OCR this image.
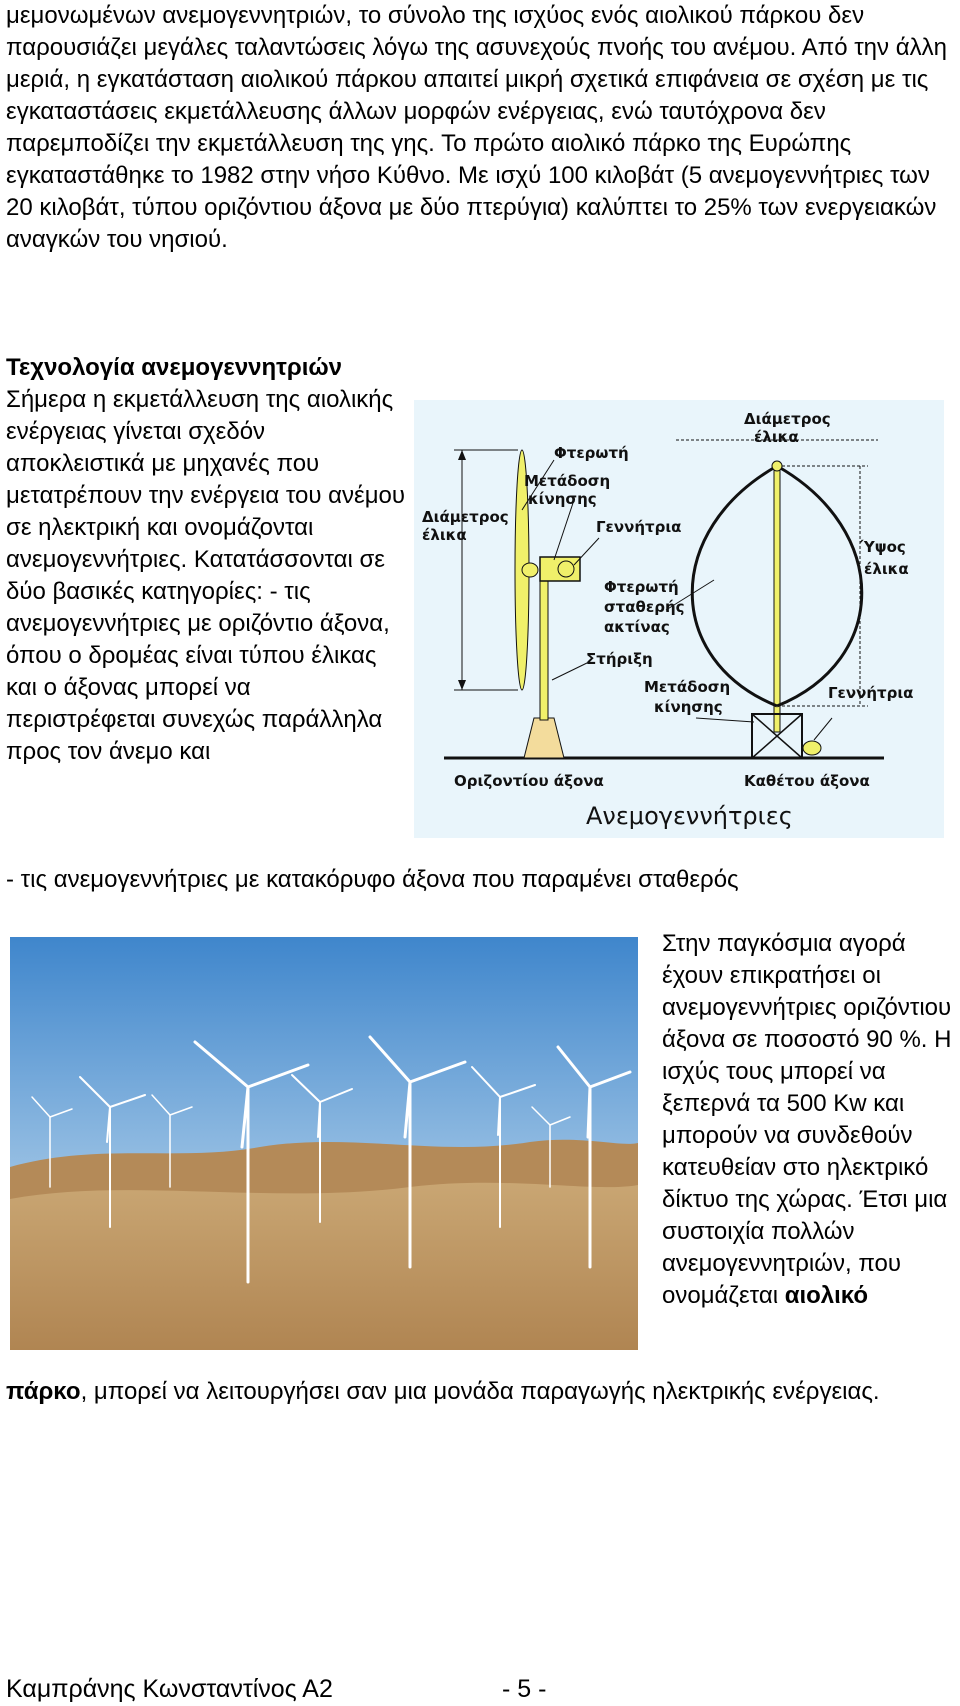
μεμονωμένων ανεμογεννητριών, το σύνολο της ισχύος ενός αιολικού πάρκου δεν παρουσιάζει μεγάλες ταλαντώσεις λόγω της ασυνεχούς πνοής του ανέμου. Από την άλλη μεριά, η εγκατάσταση αιολικού πάρκου απαιτεί μικρή σχετικά επιφάνεια σε σχέση με τις εγκαταστάσεις εκμετάλλευσης άλλων μορφών ενέργειας, ενώ ταυτόχρονα δεν παρεμποδίζει την εκμετάλλευση της γης. Το πρώτο αιολικό πάρκο της Ευρώπης εγκαταστάθηκε το 1982 στην νήσο Κύθνο. Με ισχύ 100 κιλοβάτ (5 ανεμογεννήτριες των 20 κιλοβάτ, τύπου οριζόντιου άξονα με δύο πτερύγια) καλύπτει το 25% των ενεργειακών αναγκών του νησιού.

Τεχνολογία ανεμογεννητριών

Σήμερα η εκμετάλλευση της αιολικής ενέργειας γίνεται σχεδόν αποκλειστικά με μηχανές που μετατρέπουν την ενέργεια του ανέμου σε ηλεκτρική και ονομάζονται ανεμογεννήτριες. Κατατάσσονται σε δύο βασικές κατηγορίες: - τις ανεμογεννήτριες με οριζόντιο άξονα, όπου ο δρομέας είναι τύπου έλικας και ο άξονας μπορεί να περιστρέφεται συνεχώς παράλληλα προς τον άνεμο και

- τις ανεμογεννήτριες με κατακόρυφο άξονα που παραμένει σταθερός

Διάμετρος
έλικα
Φτερωτή
Μετάδοση
κίνησης
Γεννήτρια
Φτερωτή
σταθερής
ακτίνας
Στήριξη
Μετάδοση
κίνησης
Γεννήτρια
Διάμετρος
έλικα
Ύψος
έλικα
Οριζοντίου άξονα	Καθέτου άξονα
Ανεμογεννήτριες

Στην παγκόσμια αγορά έχουν επικρατήσει οι ανεμογεννήτριες οριζόντιου άξονα σε ποσοστό 90 %. Η ισχύς τους μπορεί να ξεπερνά τα 500 Kw και μπορούν να συνδεθούν κατευθείαν στο ηλεκτρικό δίκτυο της χώρας. Έτσι μια συστοιχία πολλών ανεμογεννητριών, που ονομάζεται αιολικό

πάρκο, μπορεί να λειτουργήσει σαν μια μονάδα παραγωγής ηλεκτρικής ενέργειας.

Καμπράνης Κωνσταντίνος Α2	- 5 -
